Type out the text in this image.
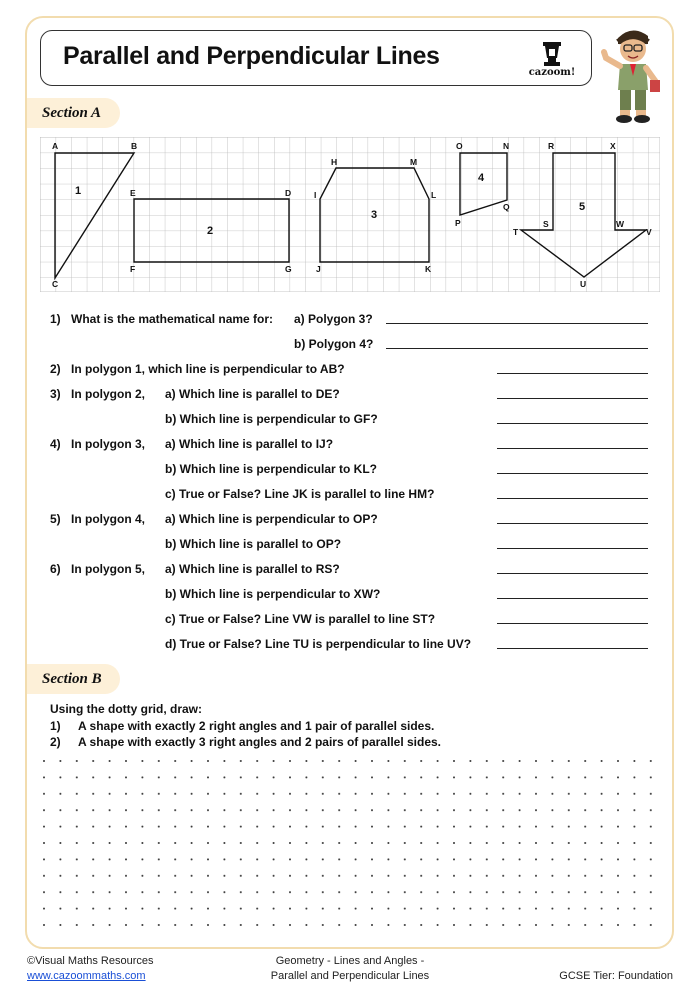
Parallel and Perpendicular Lines
cazoom!
Section A
A	B
C
D
E
F	G
H
I
J	K
L
M
N
O
P
Q
R
S
T
U
V
W
X
1
2
3
4
5
1) What is the mathematical name for: a) Polygon 3?
b) Polygon 4?
2) In polygon 1, which line is perpendicular to AB?
3) In polygon 2, a) Which line is parallel to DE?
b) Which line is perpendicular to GF?
4) In polygon 3, a) Which line is parallel to IJ?
b) Which line is perpendicular to KL?
c) True or False? Line JK is parallel to line HM?
5) In polygon 4, a) Which line is perpendicular to OP?
b) Which line is parallel to OP?
6) In polygon 5, a) Which line is parallel to RS?
b) Which line is perpendicular to XW?
c) True or False? Line VW is parallel to line ST?
d) True or False? Line TU is perpendicular to line UV?
Section B
Using the dotty grid, draw:
1) A shape with exactly 2 right angles and 1 pair of parallel sides.
2) A shape with exactly 3 right angles and 2 pairs of parallel sides.
©Visual Maths Resources
www.cazoommaths.com
Geometry - Lines and Angles -
Parallel and Perpendicular Lines	GCSE Tier: Foundation
